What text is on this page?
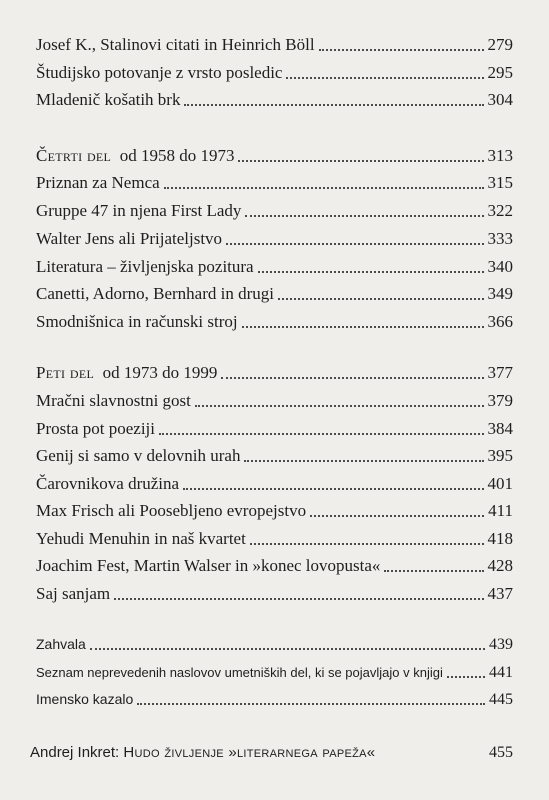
Josef K., Stalinovi citati in Heinrich Böll	279
Študijsko potovanje z vrsto posledic	295
Mladenič košatih brk	304
Četrti del od 1958 do 1973	313
Priznan za Nemca	315
Gruppe 47 in njena First Lady	322
Walter Jens ali Prijateljstvo	333
Literatura – življenjska pozitura	340
Canetti, Adorno, Bernhard in drugi	349
Smodnišnica in računski stroj	366
Peti del od 1973 do 1999	377
Mračni slavnostni gost	379
Prosta pot poeziji	384
Genij si samo v delovnih urah	395
Čarovnikova družina	401
Max Frisch ali Poosebljeno evropejstvo	411
Yehudi Menuhin in naš kvartet	418
Joachim Fest, Martin Walser in »konec lovopusta«	428
Saj sanjam	437
Zahvala	439
Seznam neprevedenih naslovov umetniških del, ki se pojavljajo v knjigi	441
Imensko kazalo	445
Andrej Inkret: Hudo življenje »literarnega papeža«	455
